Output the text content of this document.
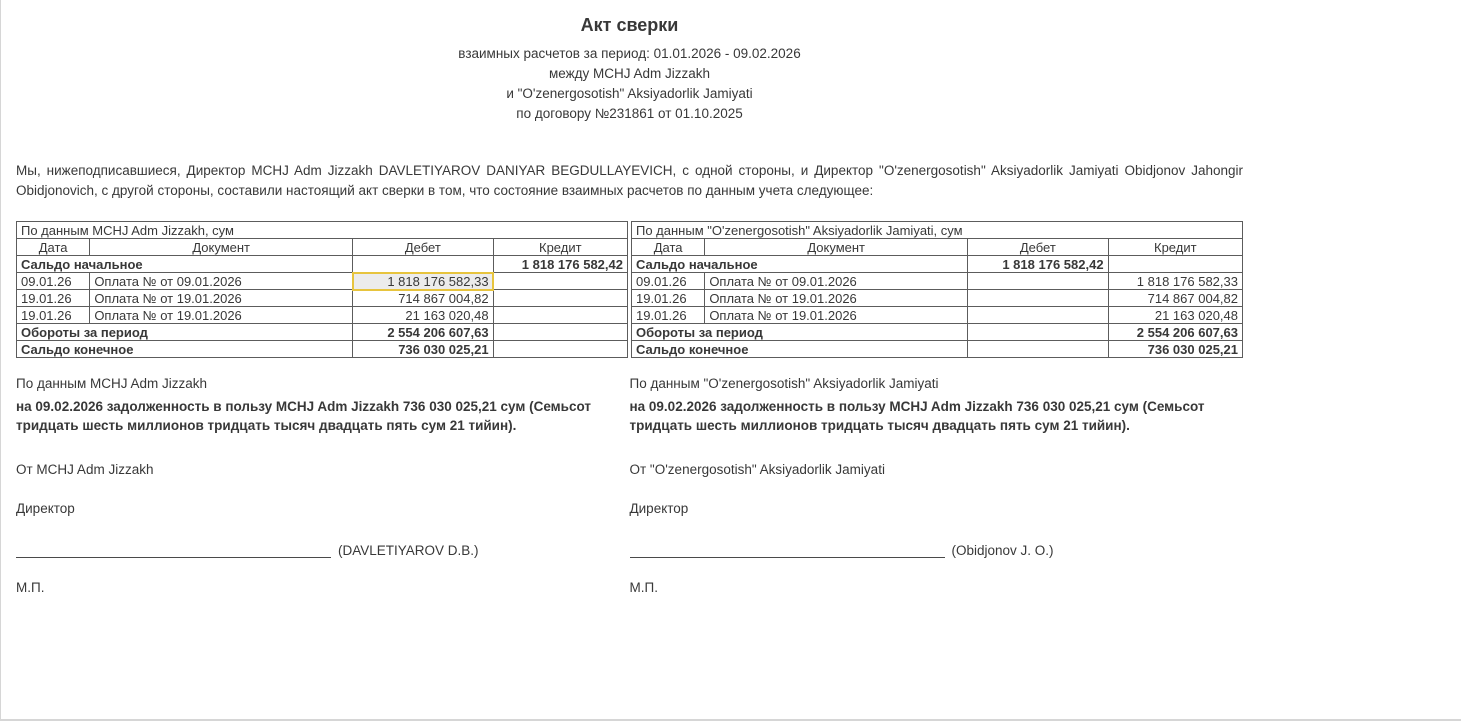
Акт сверки
взаимных расчетов за период: 01.01.2026 - 09.02.2026
между MCHJ Adm Jizzakh
и "O'zenergosotish" Aksiyadorlik Jamiyati
по договору №231861 от 01.10.2025

Мы, нижеподписавшиеся, Директор MCHJ Adm Jizzakh DAVLETIYAROV DANIYAR BEGDULLAYEVICH, с одной стороны, и Директор "O'zenergosotish" Aksiyadorlik Jamiyati Obidjonov Jahongir Obidjonovich, с другой стороны, составили настоящий акт сверки в том, что состояние взаимных расчетов по данным учета следующее:

По данным MCHJ Adm Jizzakh, сум			
Дата	Документ	Дебет	Кредит
Сальдо начальное			1 818 176 582,42
09.01.26	Оплата № от 09.01.2026	1 818 176 582,33	
19.01.26	Оплата № от 19.01.2026	714 867 004,82	
19.01.26	Оплата № от 19.01.2026	21 163 020,48	
Обороты за период		2 554 206 607,63	
Сальдо конечное		736 030 025,21	
По данным "O'zenergosotish" Aksiyadorlik Jamiyati, сум			
Дата	Документ	Дебет	Кредит
Сальдо начальное		1 818 176 582,42	
09.01.26	Оплата № от 09.01.2026		1 818 176 582,33
19.01.26	Оплата № от 19.01.2026		714 867 004,82
19.01.26	Оплата № от 19.01.2026		21 163 020,48
Обороты за период			2 554 206 607,63
Сальдо конечное			736 030 025,21
По данным MCHJ Adm Jizzakh

на 09.02.2026 задолженность в пользу MCHJ Adm Jizzakh 736 030 025,21 сум (Семьсот тридцать шесть миллионов тридцать тысяч двадцать пять сум 21 тийин).

От MCHJ Adm Jizzakh
Директор
(DAVLETIYAROV D.B.)
М.П.
По данным "O'zenergosotish" Aksiyadorlik Jamiyati

на 09.02.2026 задолженность в пользу MCHJ Adm Jizzakh 736 030 025,21 сум (Семьсот тридцать шесть миллионов тридцать тысяч двадцать пять сум 21 тийин).

От "O'zenergosotish" Aksiyadorlik Jamiyati
Директор
(Obidjonov J. O.)
М.П.
